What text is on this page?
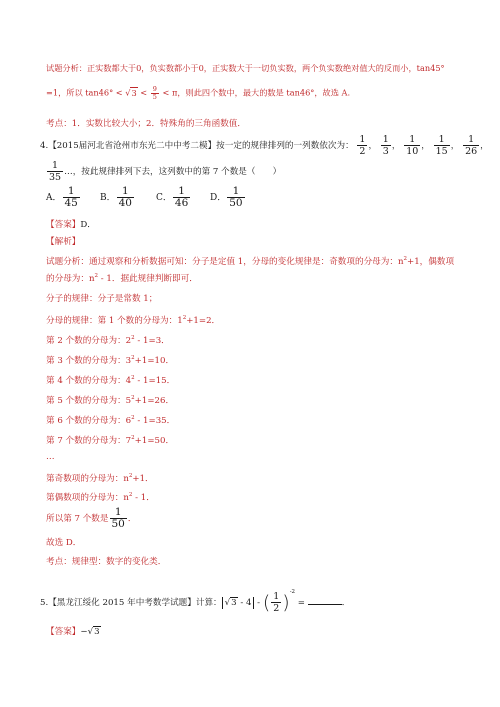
试题分析：正实数都大于0，负实数都小于0，正实数大于一切负实数，两个负实数绝对值大的反而小，tan45°
=1，所以 $\tan 46^\circ < √3 < \frac{9}{5} < \pi$，则此四个数中，最大的数是 tan46°，故选 A.
考点：1．实数比较大小；2．特殊角的三角函数值．
4.【2015届河北省沧州市东光二中中考二模】按一定的规律排列的一列数依次为： $\frac{1}{2}$ ， $\frac{1}{3}$ ， $\frac{1}{10}$ ， $\frac{1}{15}$ ， $\frac{1}{26}$ ，
$\frac{1}{35}$ …，按此规律排列下去，这列数中的第 7 个数是（　　）
A． $\frac{1}{45}$ B． $\frac{1}{40}$ C． $\frac{1}{46}$ D． $\frac{1}{50}$
【答案】D．
【解析】
试题分析：通过观察和分析数据可知：分子是定值 1，分母的变化规律是：奇数项的分母为：$n^2+1$，偶数项
的分母为：$n^2 - 1$．据此规律判断即可．
分子的规律：分子是常数 1；
分母的规律：第 1 个数的分母为：$1^2+1=2$．
第 2 个数的分母为：$2^2 - 1=3$．
第 3 个数的分母为：$3^2+1=10$．
第 4 个数的分母为：$4^2 - 1=15$．
第 5 个数的分母为：$5^2+1=26$．
第 6 个数的分母为：$6^2 - 1=35$．
第 7 个数的分母为：$7^2+1=50$．
…
第奇数项的分母为：$n^2+1$．
第偶数项的分母为：$n^2 - 1$．
所以第 7 个数是 $\frac{1}{50}$ ．
故选 D．
考点：规律型：数字的变化类．
5.【黑龙江绥化 2015 年中考数学试题】计算： √3 - 4 - ( $\frac{1}{2} )^{-2}$ =	．
【答案】−√3
